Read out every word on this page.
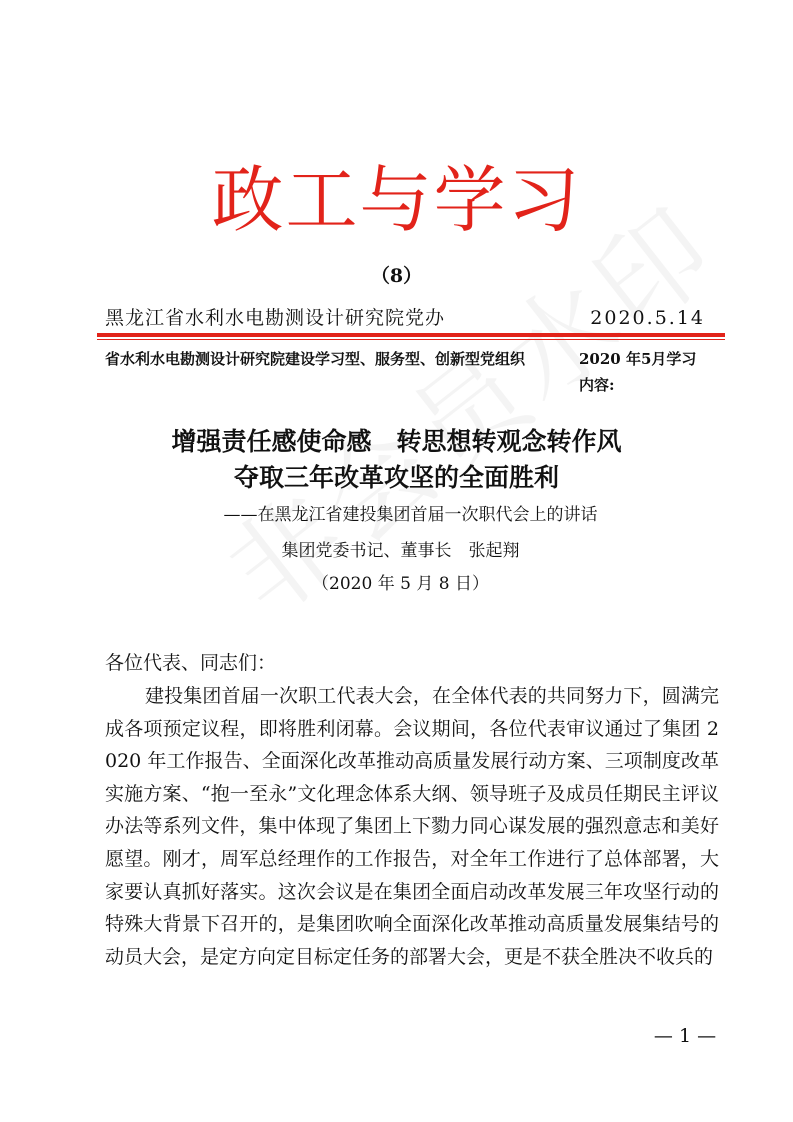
政工与学习
（8）
黑龙江省水利水电勘测设计研究院党办	2020.5.14
省水利水电勘测设计研究院建设学习型、服务型、创新型党组织	2020 年5月学习内容:
增强责任感使命感　转思想转观念转作风
夺取三年改革攻坚的全面胜利
——在黑龙江省建投集团首届一次职代会上的讲话
集团党委书记、董事长　张起翔
（2020 年 5 月 8 日）
各位代表、同志们：
建投集团首届一次职工代表大会，在全体代表的共同努力下，圆满完成各项预定议程，即将胜利闭幕。会议期间，各位代表审议通过了集团 2020 年工作报告、全面深化改革推动高质量发展行动方案、三项制度改革实施方案、“抱一至永”文化理念体系大纲、领导班子及成员任期民主评议办法等系列文件，集中体现了集团上下勠力同心谋发展的强烈意志和美好愿望。刚才，周军总经理作的工作报告，对全年工作进行了总体部署，大家要认真抓好落实。这次会议是在集团全面启动改革发展三年攻坚行动的特殊大背景下召开的，是集团吹响全面深化改革推动高质量发展集结号的动员大会，是定方向定目标定任务的部署大会，更是不获全胜决不收兵的
— 1 —
